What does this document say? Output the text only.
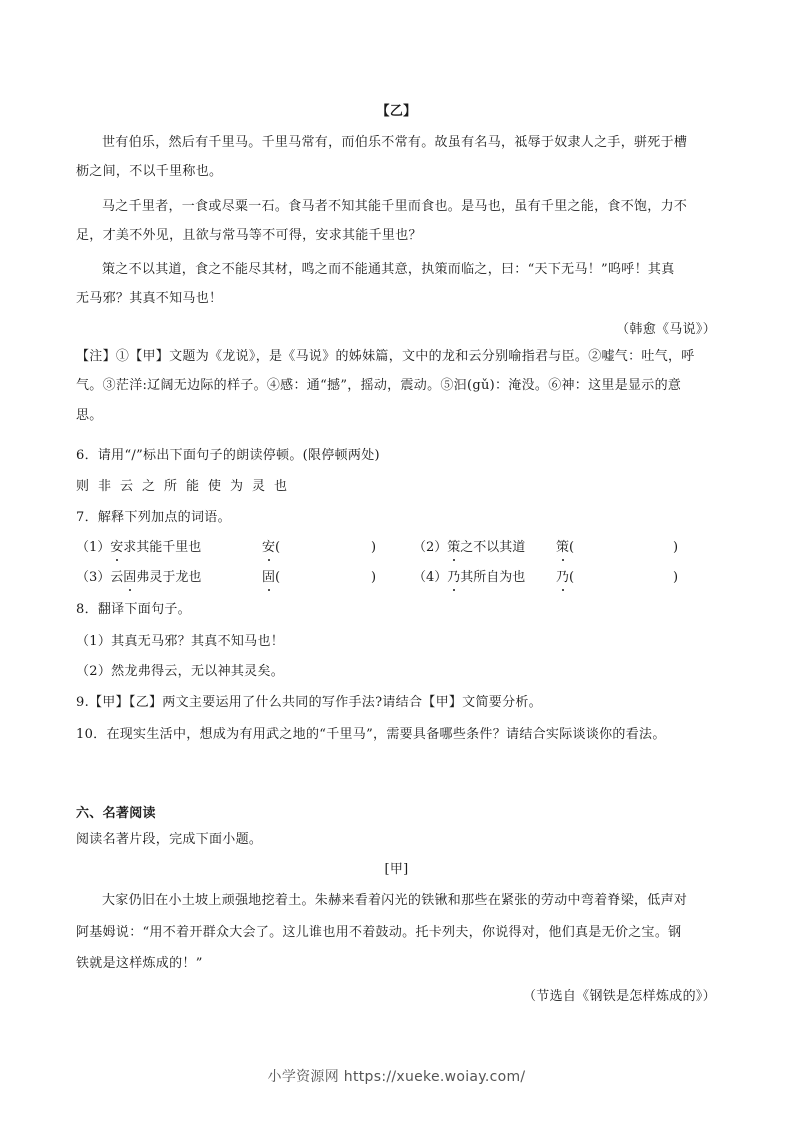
【乙】
世有伯乐，然后有千里马。千里马常有，而伯乐不常有。故虽有名马，祗辱于奴隶人之手，骈死于槽
枥之间，不以千里称也。
马之千里者，一食或尽粟一石。食马者不知其能千里而食也。是马也，虽有千里之能，食不饱，力不
足，才美不外见，且欲与常马等不可得，安求其能千里也？
策之不以其道，食之不能尽其材，鸣之而不能通其意，执策而临之，曰：“天下无马！”呜呼！其真
无马邪？其真不知马也！
（韩愈《马说》）
【注】①【甲】文题为《龙说》，是《马说》的姊妹篇，文中的龙和云分别喻指君与臣。②嘘气：吐气，呼
气。③茫洋:辽阔无边际的样子。④感：通“撼”，摇动，震动。⑤汩(gǔ)：淹没。⑥神：这里是显示的意
思。
6．请用“/”标出下面句子的朗读停顿。(限停顿两处)
则非云之所能使为灵也
7．解释下列加点的词语。
（1）安求其能千里也	安(	)	（2）策之不以其道 策(	)
（3）云固弗灵于龙也	固(	)	（4）乃其所自为也 乃(	)
8．翻译下面句子。
（1）其真无马邪？其真不知马也！
（2）然龙弗得云，无以神其灵矣。
9.【甲】【乙】两文主要运用了什么共同的写作手法?请结合【甲】文简要分析。
10．在现实生活中，想成为有用武之地的“千里马”，需要具备哪些条件？请结合实际谈谈你的看法。
六、名著阅读
阅读名著片段，完成下面小题。
[甲]
大家仍旧在小土坡上顽强地挖着土。朱赫来看着闪光的铁锹和那些在紧张的劳动中弯着脊梁，低声对
阿基姆说：“用不着开群众大会了。这儿谁也用不着鼓动。托卡列夫，你说得对，他们真是无价之宝。钢
铁就是这样炼成的！”
（节选自《钢铁是怎样炼成的》）
小学资源网 https://xueke.woiay.com/
